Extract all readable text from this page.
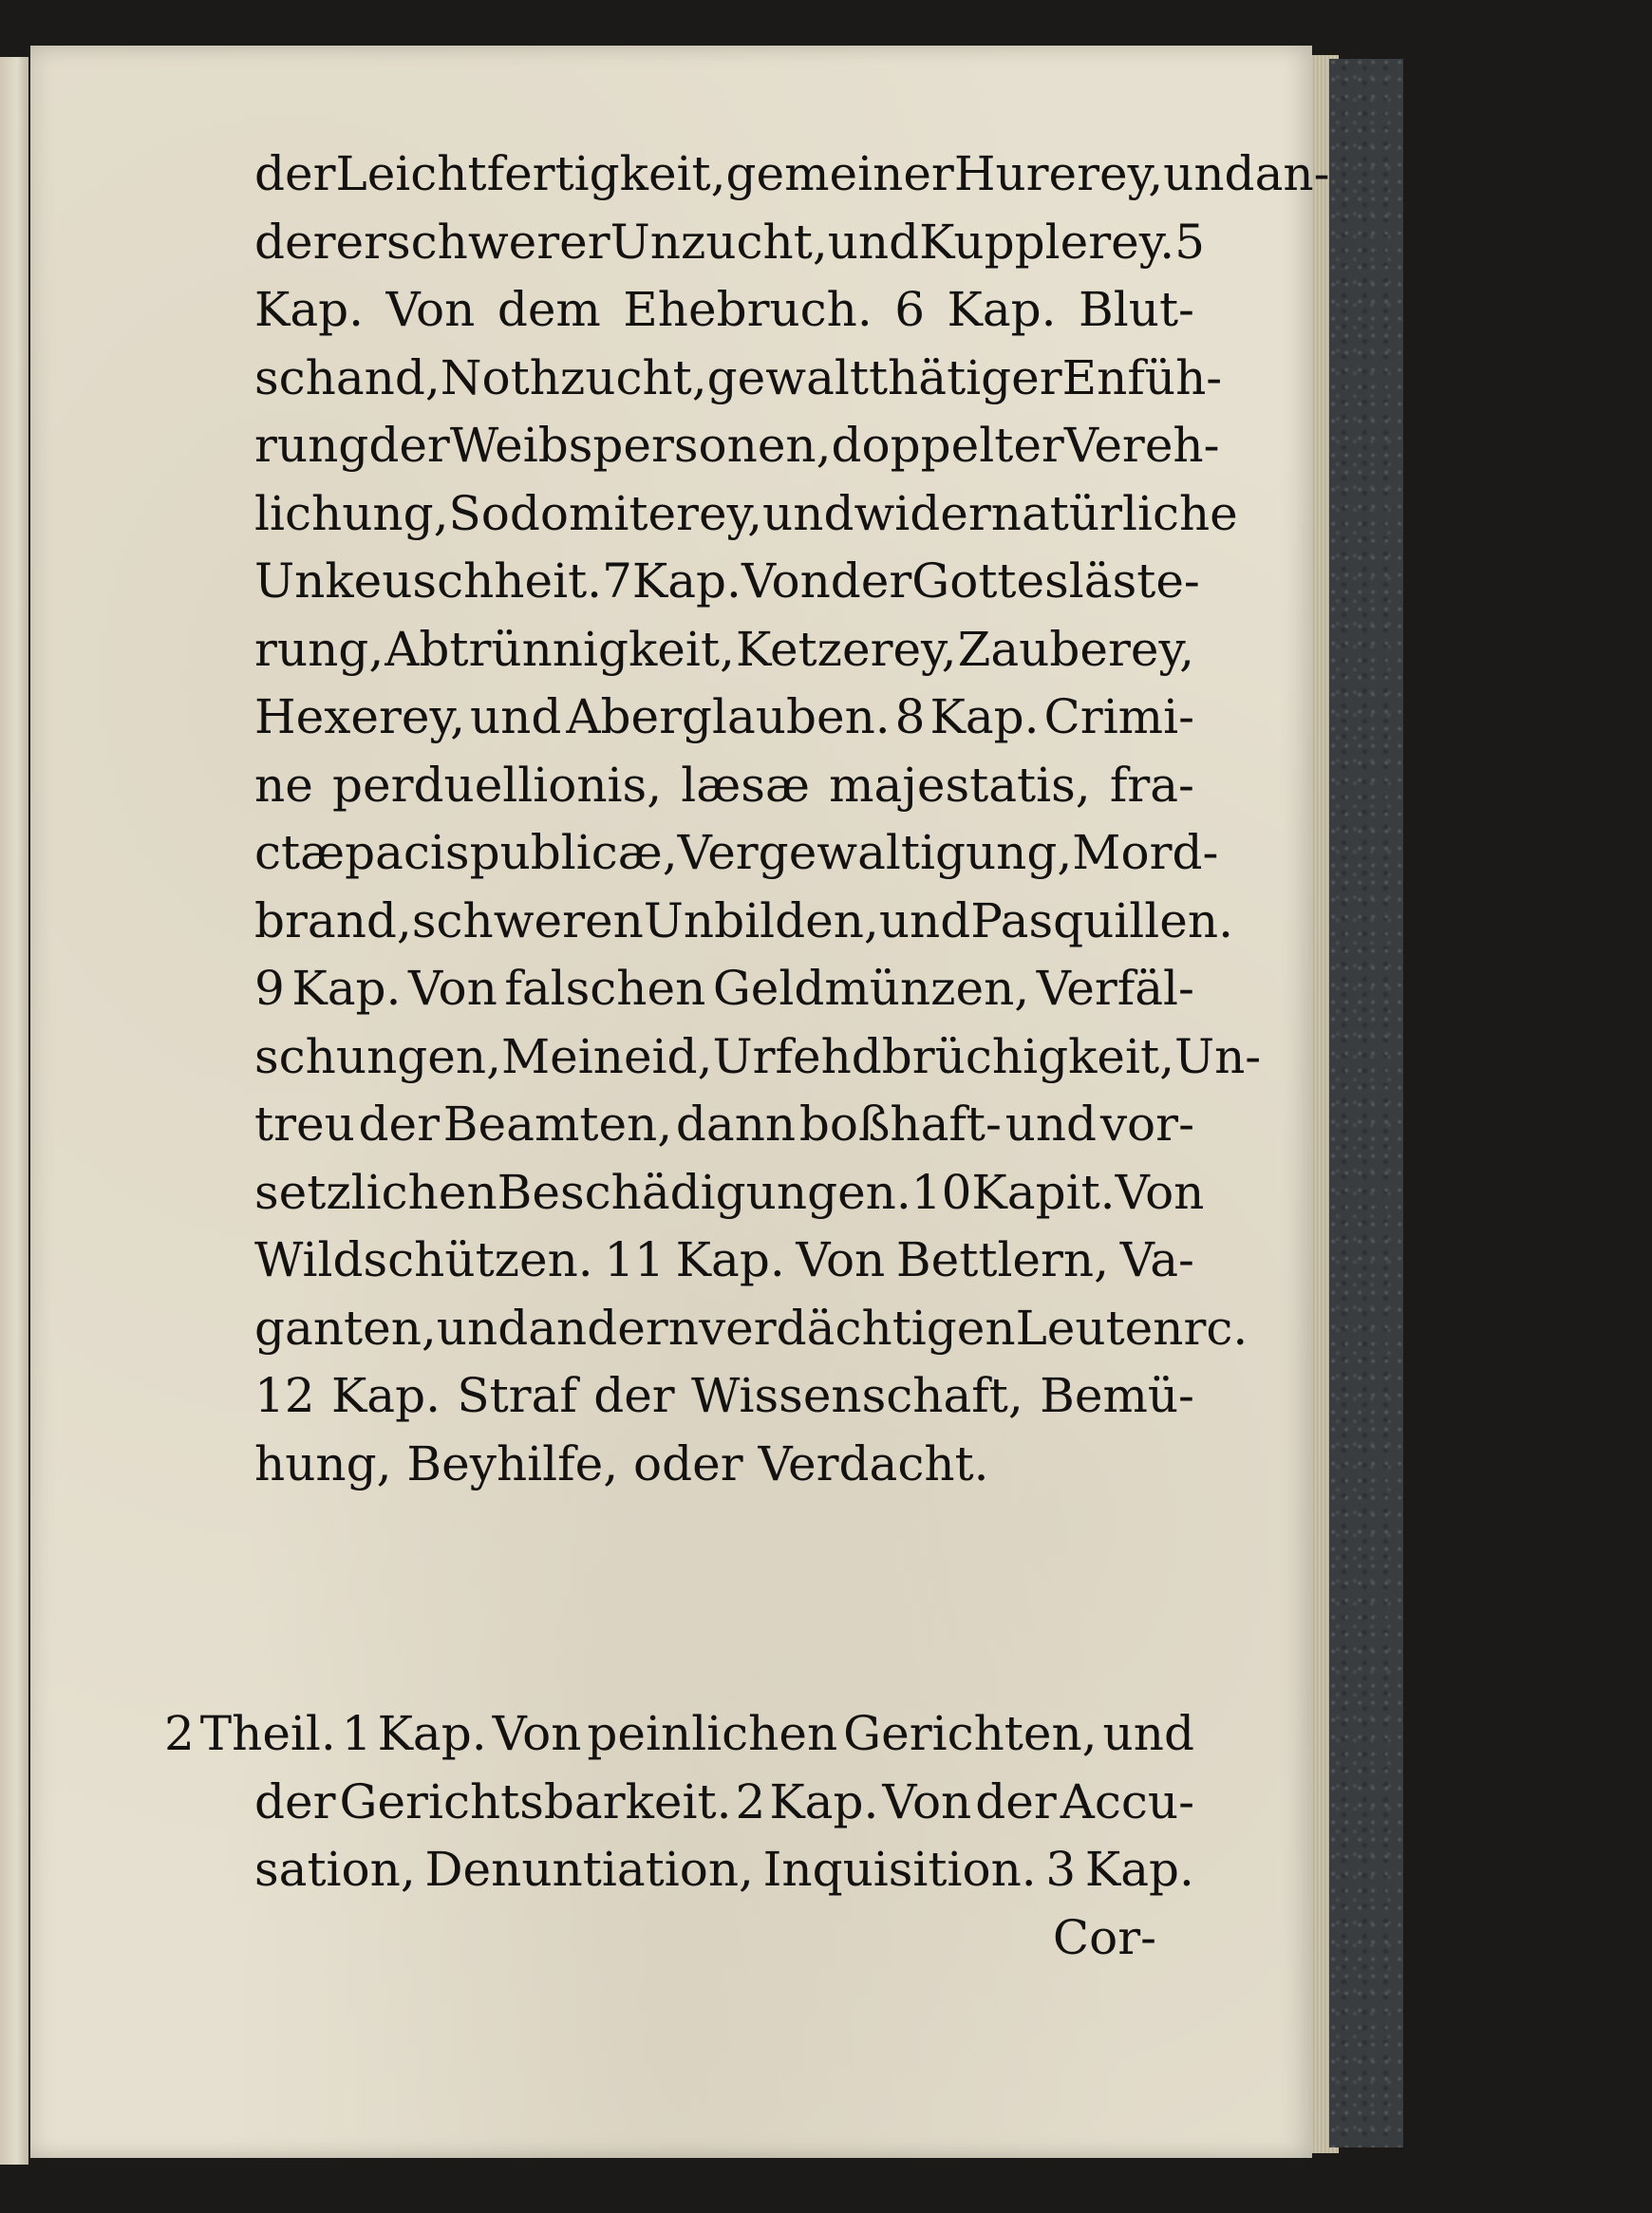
der Leichtfertigkeit, gemeiner Hurerey, und an-
derer schwerer Unzucht, und Kupplerey. 5
Kap. Von dem Ehebruch. 6 Kap. Blut-
schand, Nothzucht, gewaltthätiger Enfüh-
rung der Weibspersonen, doppelter Vereh-
lichung, Sodomiterey, und widernatürliche
Unkeuschheit. 7 Kap. Von der Gottesläste-
rung, Abtrünnigkeit, Ketzerey, Zauberey,
Hexerey, und Aberglauben. 8 Kap. Crimi-
ne perduellionis, læsæ majestatis, fra-
ctæ pacis publicæ, Vergewaltigung, Mord-
brand, schweren Unbilden, und Pasquillen.
9 Kap. Von falschen Geldmünzen, Verfäl-
schungen, Meineid, Urfehdbrüchigkeit, Un-
treu der Beamten, dann boßhaft- und vor-
setzlichen Beschädigungen. 10 Kapit. Von
Wildschützen. 11 Kap. Von Bettlern, Va-
ganten, und andern verdächtigen Leuten rc.
12 Kap. Straf der Wissenschaft, Bemü-
hung, Beyhilfe, oder Verdacht.
2 Theil. 1 Kap. Von peinlichen Gerichten, und
der Gerichtsbarkeit. 2 Kap. Von der Accu-
sation, Denuntiation, Inquisition. 3 Kap.
Cor-
